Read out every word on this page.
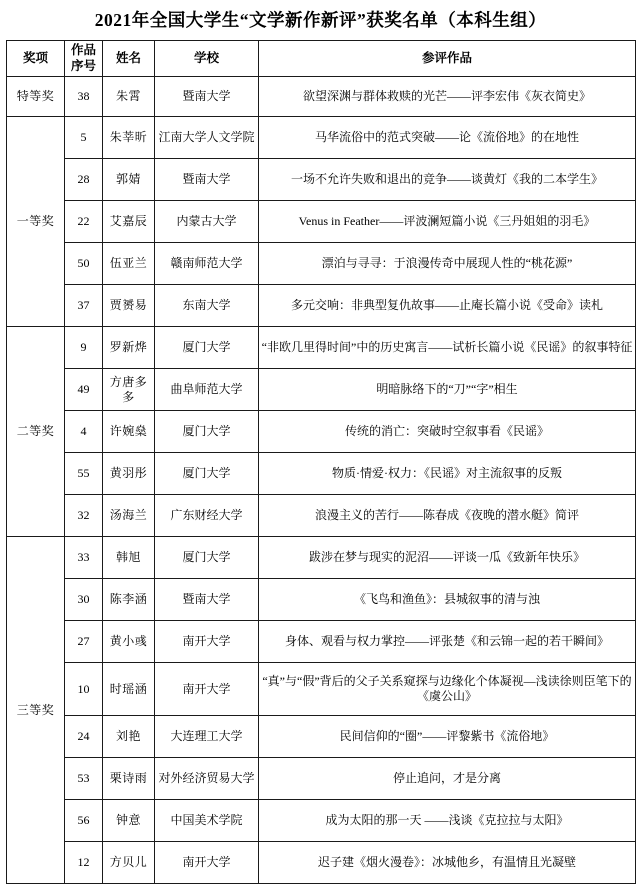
2021年全国大学生“文学新作新评”获奖名单（本科生组）
奖项	作品序号	姓名	学校	参评作品
特等奖	38	朱霄	暨南大学	欲望深渊与群体救赎的光芒——评李宏伟《灰衣简史》
一等奖	5	朱莘昕	江南大学人文学院	马华流俗中的范式突破——论《流俗地》的在地性
	28	郭婧	暨南大学	一场不允许失败和退出的竞争——谈黄灯《我的二本学生》
	22	艾嘉辰	内蒙古大学	Venus in Feather——评波澜短篇小说《三丹姐姐的羽毛》
	50	伍亚兰	赣南师范大学	漂泊与寻寻：于浪漫传奇中展现人性的“桃花源”
	37	贾赟易	东南大学	多元交响：非典型复仇故事——止庵长篇小说《受命》读札
二等奖	9	罗新烨	厦门大学	“非欧几里得时间”中的历史寓言——试析长篇小说《民谣》的叙事特征
	49	方唐多多	曲阜师范大学	明暗脉络下的“刀”“字”相生
	4	许婉燊	厦门大学	传统的消亡：突破时空叙事看《民谣》
	55	黄羽彤	厦门大学	物质·情爱·权力：《民谣》对主流叙事的反叛
	32	汤海兰	广东财经大学	浪漫主义的苦行——陈春成《夜晚的潜水艇》简评
三等奖	33	韩旭	厦门大学	跋涉在梦与现实的泥沼——评谈一瓜《致新年快乐》
	30	陈李涵	暨南大学	《飞鸟和渔鱼》：县城叙事的清与浊
	27	黄小彧	南开大学	身体、观看与权力掌控——评张楚《和云锦一起的若干瞬间》
	10	时瑶涵	南开大学	“真”与“假”背后的父子关系窥探与边缘化个体凝视—浅读徐则臣笔下的《虞公山》
	24	刘艳	大连理工大学	民间信仰的“圈”——评黎紫书《流俗地》
	53	栗诗雨	对外经济贸易大学	停止追问，才是分离
	56	钟意	中国美术学院	成为太阳的那一天 ——浅谈《克拉拉与太阳》
	12	方贝儿	南开大学	迟子建《烟火漫卷》：冰城他乡，有温情且光凝壁
